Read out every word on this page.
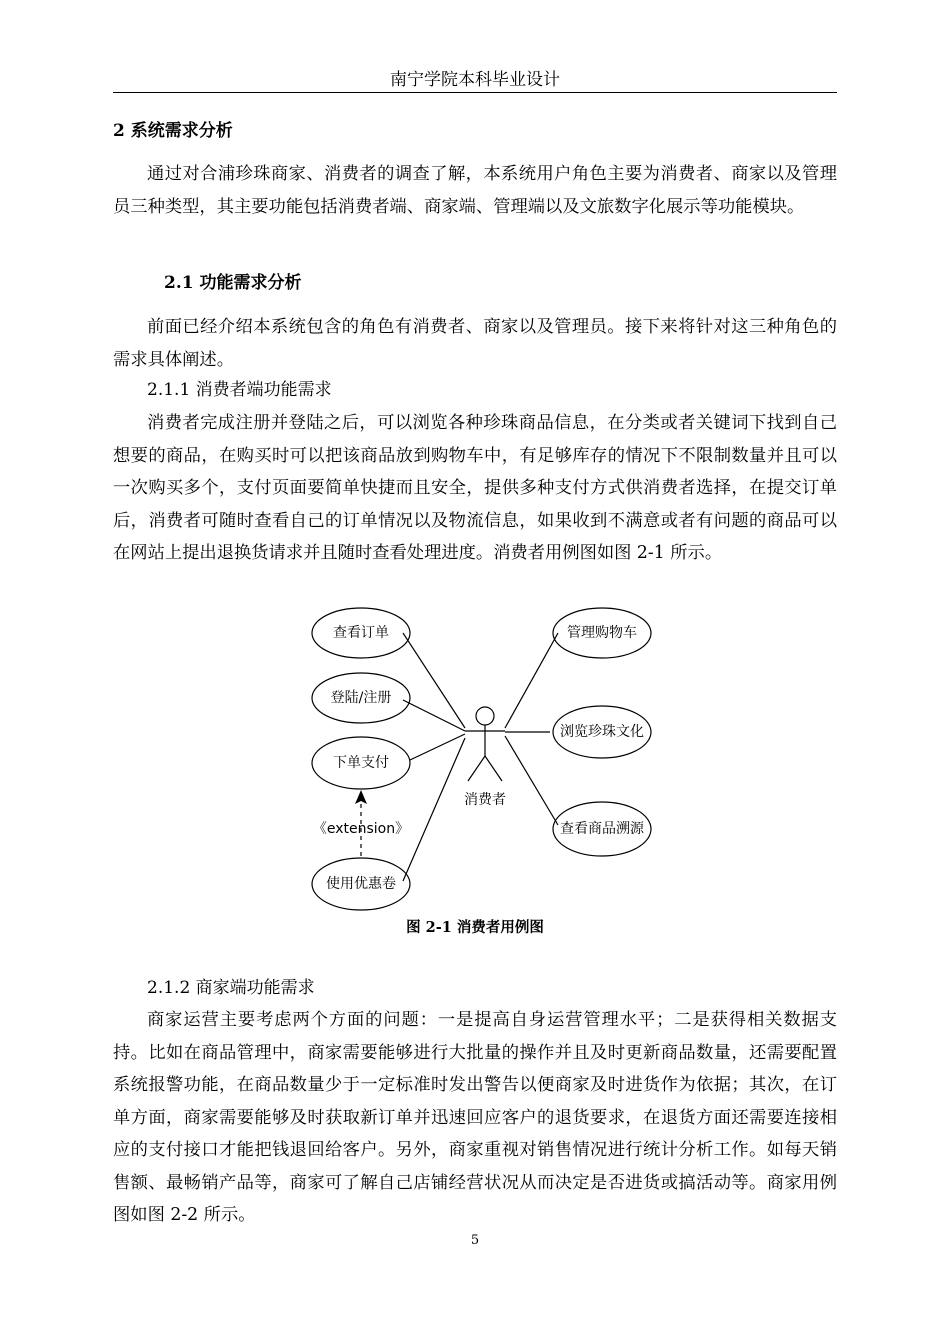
南宁学院本科毕业设计
2 系统需求分析

通过对合浦珍珠商家、消费者的调查了解，本系统用户角色主要为消费者、商家以及管理员三种类型，其主要功能包括消费者端、商家端、管理端以及文旅数字化展示等功能模块。

2.1 功能需求分析

前面已经介绍本系统包含的角色有消费者、商家以及管理员。接下来将针对这三种角色的需求具体阐述。

2.1.1 消费者端功能需求

消费者完成注册并登陆之后，可以浏览各种珍珠商品信息，在分类或者关键词下找到自己想要的商品，在购买时可以把该商品放到购物车中，有足够库存的情况下不限制数量并且可以一次购买多个，支付页面要简单快捷而且安全，提供多种支付方式供消费者选择，在提交订单后，消费者可随时查看自己的订单情况以及物流信息，如果收到不满意或者有问题的商品可以在网站上提出退换货请求并且随时查看处理进度。消费者用例图如图 2-1 所示。

查看订单
登陆/注册
下单支付
使用优惠卷
管理购物车
浏览珍珠文化
查看商品溯源
消费者
《extension》
图 2-1 消费者用例图
2.1.2 商家端功能需求

商家运营主要考虑两个方面的问题：一是提高自身运营管理水平；二是获得相关数据支持。比如在商品管理中，商家需要能够进行大批量的操作并且及时更新商品数量，还需要配置系统报警功能，在商品数量少于一定标准时发出警告以便商家及时进货作为依据；其次，在订单方面，商家需要能够及时获取新订单并迅速回应客户的退货要求，在退货方面还需要连接相应的支付接口才能把钱退回给客户。另外，商家重视对销售情况进行统计分析工作。如每天销售额、最畅销产品等，商家可了解自己店铺经营状况从而决定是否进货或搞活动等。商家用例图如图 2-2 所示。

5
